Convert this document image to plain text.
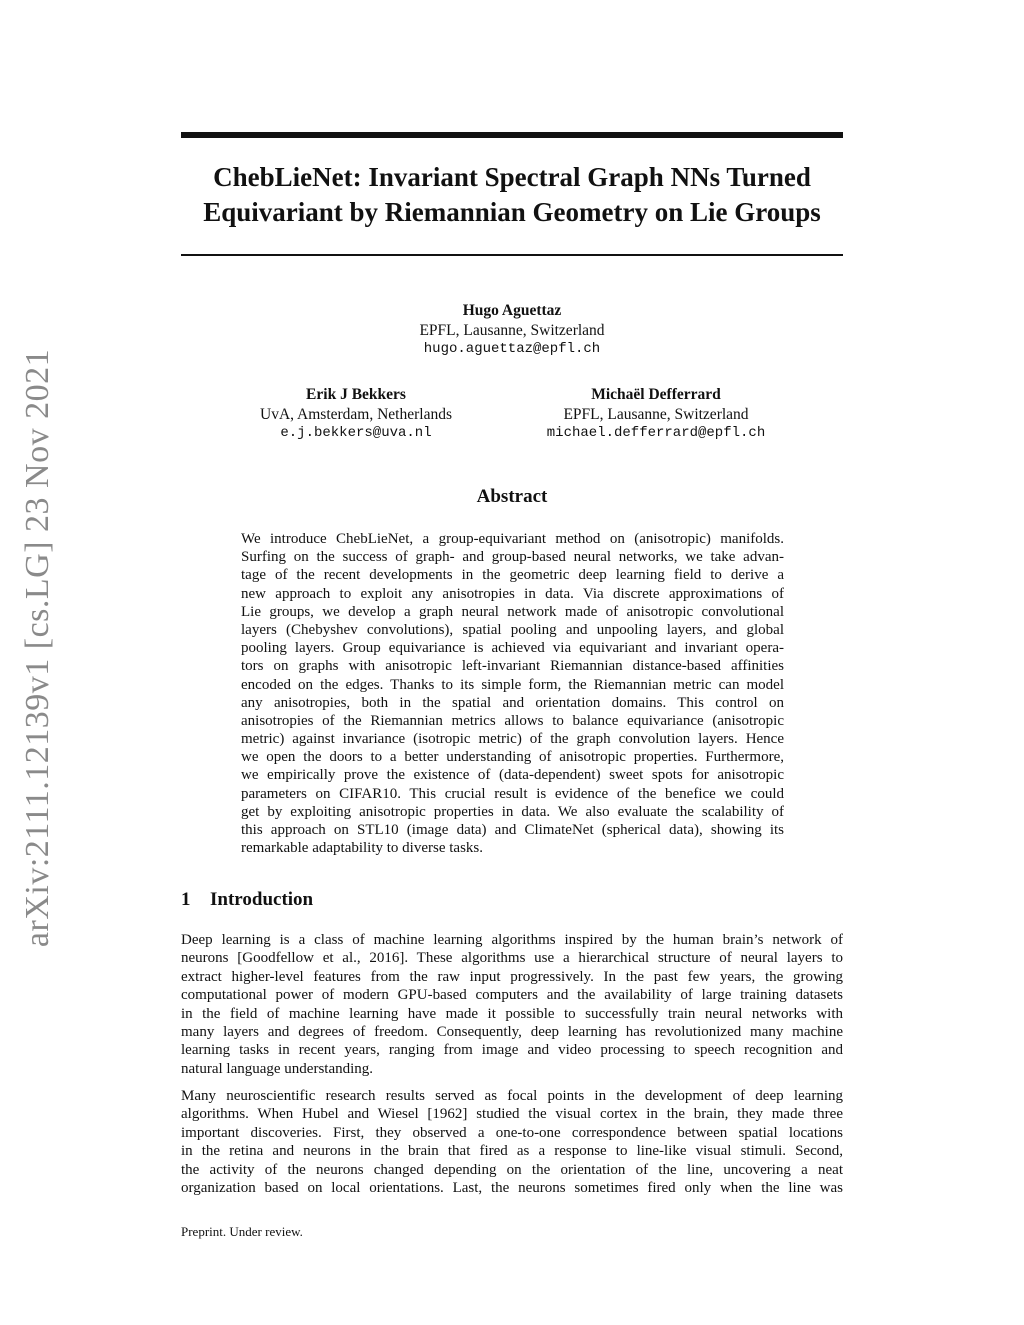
arXiv:2111.12139v1 [cs.LG] 23 Nov 2021
ChebLieNet: Invariant Spectral Graph NNs Turned
Equivariant by Riemannian Geometry on Lie Groups
Hugo Aguettaz
EPFL, Lausanne, Switzerland
hugo.aguettaz@epfl.ch
Erik J Bekkers
UvA, Amsterdam, Netherlands
e.j.bekkers@uva.nl
Michaël Defferrard
EPFL, Lausanne, Switzerland
michael.defferrard@epfl.ch
Abstract
We introduce ChebLieNet, a group-equivariant method on (anisotropic) manifolds.
Surfing on the success of graph- and group-based neural networks, we take advan-
tage of the recent developments in the geometric deep learning field to derive a
new approach to exploit any anisotropies in data. Via discrete approximations of
Lie groups, we develop a graph neural network made of anisotropic convolutional
layers (Chebyshev convolutions), spatial pooling and unpooling layers, and global
pooling layers. Group equivariance is achieved via equivariant and invariant opera-
tors on graphs with anisotropic left-invariant Riemannian distance-based affinities
encoded on the edges. Thanks to its simple form, the Riemannian metric can model
any anisotropies, both in the spatial and orientation domains. This control on
anisotropies of the Riemannian metrics allows to balance equivariance (anisotropic
metric) against invariance (isotropic metric) of the graph convolution layers. Hence
we open the doors to a better understanding of anisotropic properties. Furthermore,
we empirically prove the existence of (data-dependent) sweet spots for anisotropic
parameters on CIFAR10. This crucial result is evidence of the benefice we could
get by exploiting anisotropic properties in data. We also evaluate the scalability of
this approach on STL10 (image data) and ClimateNet (spherical data), showing its
remarkable adaptability to diverse tasks.
1 Introduction
Deep learning is a class of machine learning algorithms inspired by the human brain’s network of
neurons [Goodfellow et al., 2016]. These algorithms use a hierarchical structure of neural layers to
extract higher-level features from the raw input progressively. In the past few years, the growing
computational power of modern GPU-based computers and the availability of large training datasets
in the field of machine learning have made it possible to successfully train neural networks with
many layers and degrees of freedom. Consequently, deep learning has revolutionized many machine
learning tasks in recent years, ranging from image and video processing to speech recognition and
natural language understanding.
Many neuroscientific research results served as focal points in the development of deep learning
algorithms. When Hubel and Wiesel [1962] studied the visual cortex in the brain, they made three
important discoveries. First, they observed a one-to-one correspondence between spatial locations
in the retina and neurons in the brain that fired as a response to line-like visual stimuli. Second,
the activity of the neurons changed depending on the orientation of the line, uncovering a neat
organization based on local orientations. Last, the neurons sometimes fired only when the line was
Preprint. Under review.
